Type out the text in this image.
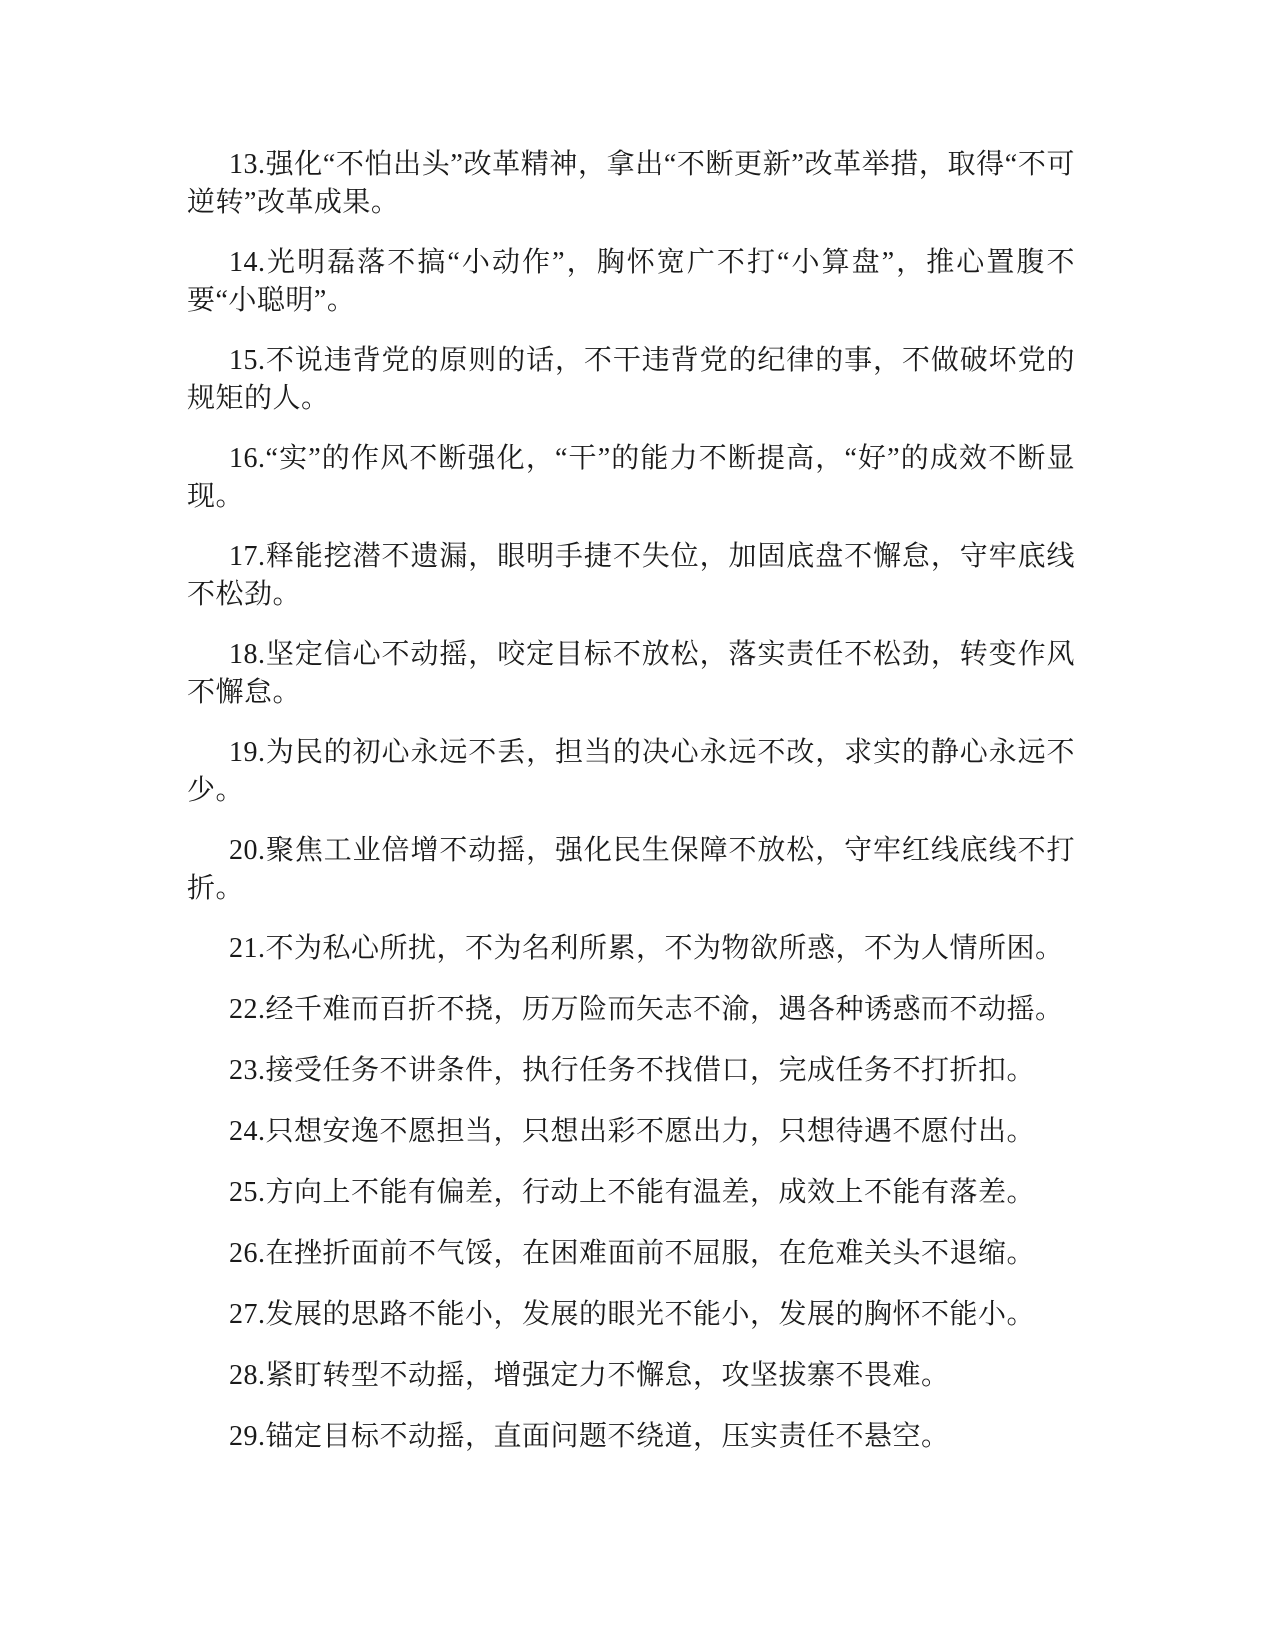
13.强化“不怕出头”改革精神，拿出“不断更新”改革举措，取得“不可逆转”改革成果。

14.光明磊落不搞“小动作”，胸怀宽广不打“小算盘”，推心置腹不要“小聪明”。

15.不说违背党的原则的话，不干违背党的纪律的事，不做破坏党的规矩的人。

16.“实”的作风不断强化，“干”的能力不断提高，“好”的成效不断显现。

17.释能挖潜不遗漏，眼明手捷不失位，加固底盘不懈怠，守牢底线不松劲。

18.坚定信心不动摇，咬定目标不放松，落实责任不松劲，转变作风不懈怠。

19.为民的初心永远不丢，担当的决心永远不改，求实的静心永远不少。

20.聚焦工业倍增不动摇，强化民生保障不放松，守牢红线底线不打折。

21.不为私心所扰，不为名利所累，不为物欲所惑，不为人情所困。

22.经千难而百折不挠，历万险而矢志不渝，遇各种诱惑而不动摇。

23.接受任务不讲条件，执行任务不找借口，完成任务不打折扣。

24.只想安逸不愿担当，只想出彩不愿出力，只想待遇不愿付出。

25.方向上不能有偏差，行动上不能有温差，成效上不能有落差。

26.在挫折面前不气馁，在困难面前不屈服，在危难关头不退缩。

27.发展的思路不能小，发展的眼光不能小，发展的胸怀不能小。

28.紧盯转型不动摇，增强定力不懈怠，攻坚拔寨不畏难。

29.锚定目标不动摇，直面问题不绕道，压实责任不悬空。
